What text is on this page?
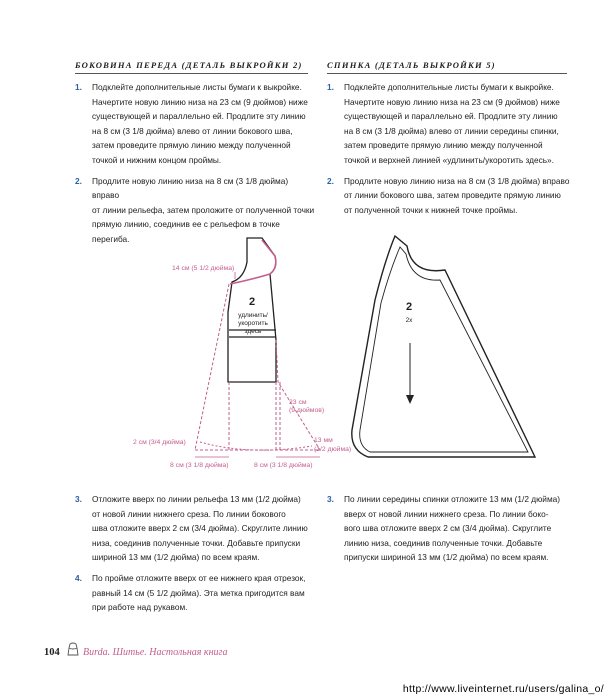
БОКОВИНА ПЕРЕДА (ДЕТАЛЬ ВЫКРОЙКИ 2)	СПИНКА (ДЕТАЛЬ ВЫКРОЙКИ 5)
1. Подклейте дополнительные листы бумаги к выкройке.
Начертите новую линию низа на 23 см (9 дюймов) ниже
существующей и параллельно ей. Продлите эту линию
на 8 см (3 1/8 дюйма) влево от линии бокового шва,
затем проведите прямую линию между полученной
точкой и нижним концом проймы.
2. Продлите новую линию низа на 8 см (3 1/8 дюйма) вправо
от линии рельефа, затем проложите от полученной точки
прямую линию, соединив ее с рельефом в точке перегиба.
1. Подклейте дополнительные листы бумаги к выкройке.
Начертите новую линию низа на 23 см (9 дюймов) ниже
существующей и параллельно ей. Продлите эту линию
на 8 см (3 1/8 дюйма) влево от линии середины спинки,
затем проведите прямую линию между полученной
точкой и верхней линией «удлинить/укоротить здесь».
2. Продлите новую линию низа на 8 см (3 1/8 дюйма) вправо
от линии бокового шва, затем проведите прямую линию
от полученной точки к нижней точке проймы.
2
удлинить/
укоротить
здесь
14 см (5 1/2 дюйма)
23 см
(9 дюймов)
2 см (3/4 дюйма)	13 мм
(1/2 дюйма)
8 см (3 1/8 дюйма)	8 см (3 1/8 дюйма)
2
2x
3. Отложите вверх по линии рельефа 13 мм (1/2 дюйма)
от новой линии нижнего среза. По линии бокового
шва отложите вверх 2 см (3/4 дюйма). Скруглите линию
низа, соединив полученные точки. Добавьте припуски
шириной 13 мм (1/2 дюйма) по всем краям.
4. По пройме отложите вверх от ее нижнего края отрезок,
равный 14 см (5 1/2 дюйма). Эта метка пригодится вам
при работе над рукавом.
3. По линии середины спинки отложите 13 мм (1/2 дюйма)
вверх от новой линии нижнего среза. По линии боко-
вого шва отложите вверх 2 см (3/4 дюйма). Скруглите
линию низа, соединив полученные точки. Добавьте
припуски шириной 13 мм (1/2 дюйма) по всем краям.
104 Burda. Шитье. Настольная книга
http://www.liveinternet.ru/users/galina_o/
